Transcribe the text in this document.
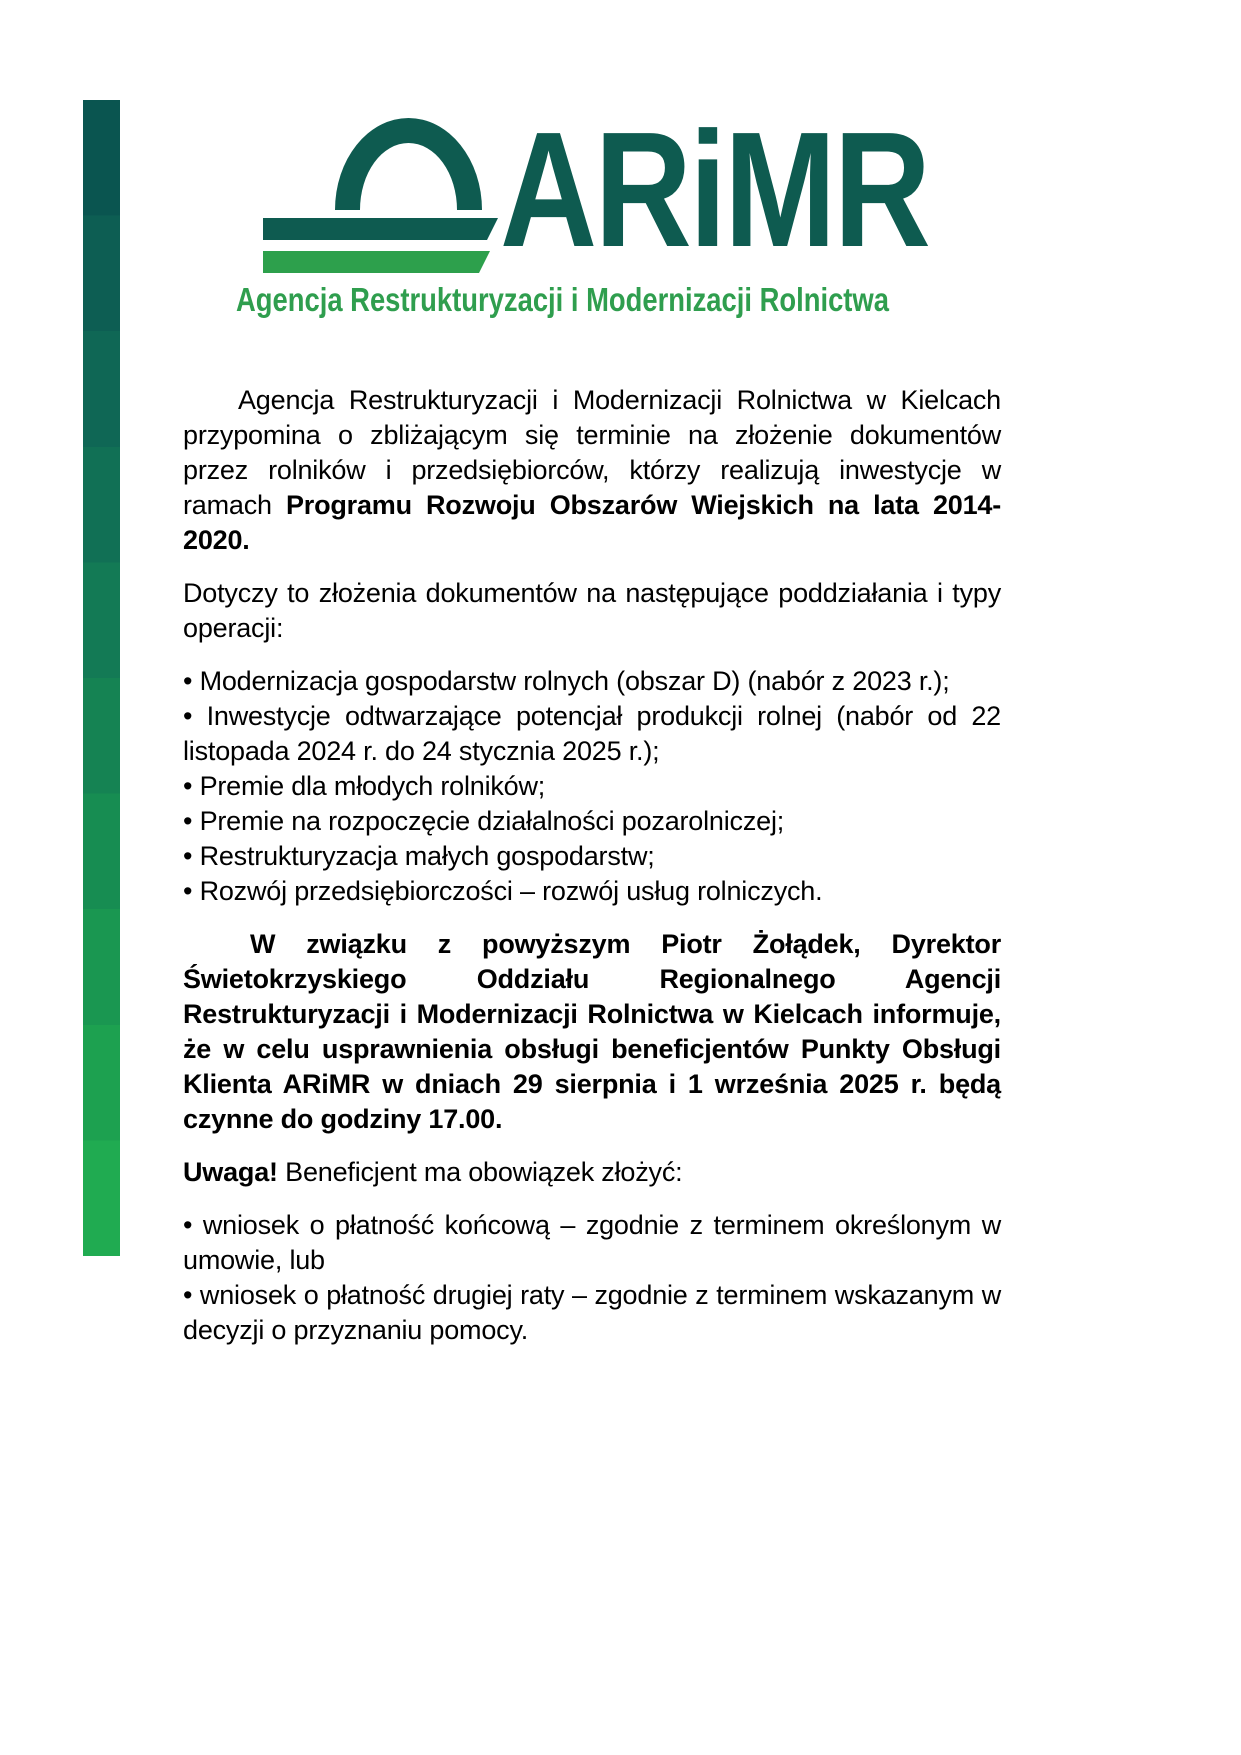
ARiMR
Agencja Restrukturyzacji i Modernizacji Rolnictwa

Agencja Restrukturyzacji i Modernizacji Rolnictwa w Kielcach przypomina o zbliżającym się terminie na złożenie dokumentów przez rolników i przedsiębiorców, którzy realizują inwestycje w ramach Programu Rozwoju Obszarów Wiejskich na lata 2014-2020.

Dotyczy to złożenia dokumentów na następujące poddziałania i typy operacji:

• Modernizacja gospodarstw rolnych (obszar D) (nabór z 2023 r.);

• Inwestycje odtwarzające potencjał produkcji rolnej (nabór od 22 listopada 2024 r. do 24 stycznia 2025 r.);

• Premie dla młodych rolników;

• Premie na rozpoczęcie działalności pozarolniczej;

• Restrukturyzacja małych gospodarstw;

• Rozwój przedsiębiorczości – rozwój usług rolniczych.

W związku z powyższym Piotr Żołądek, Dyrektor Świetokrzyskiego Oddziału Regionalnego Agencji Restrukturyzacji i Modernizacji Rolnictwa w Kielcach informuje, że w celu usprawnienia obsługi beneficjentów Punkty Obsługi Klienta ARiMR w dniach 29 sierpnia i 1 września 2025 r. będą czynne do godziny 17.00.

Uwaga! Beneficjent ma obowiązek złożyć:

• wniosek o płatność końcową – zgodnie z terminem określonym w umowie, lub

• wniosek o płatność drugiej raty – zgodnie z terminem wskazanym w decyzji o przyznaniu pomocy.
